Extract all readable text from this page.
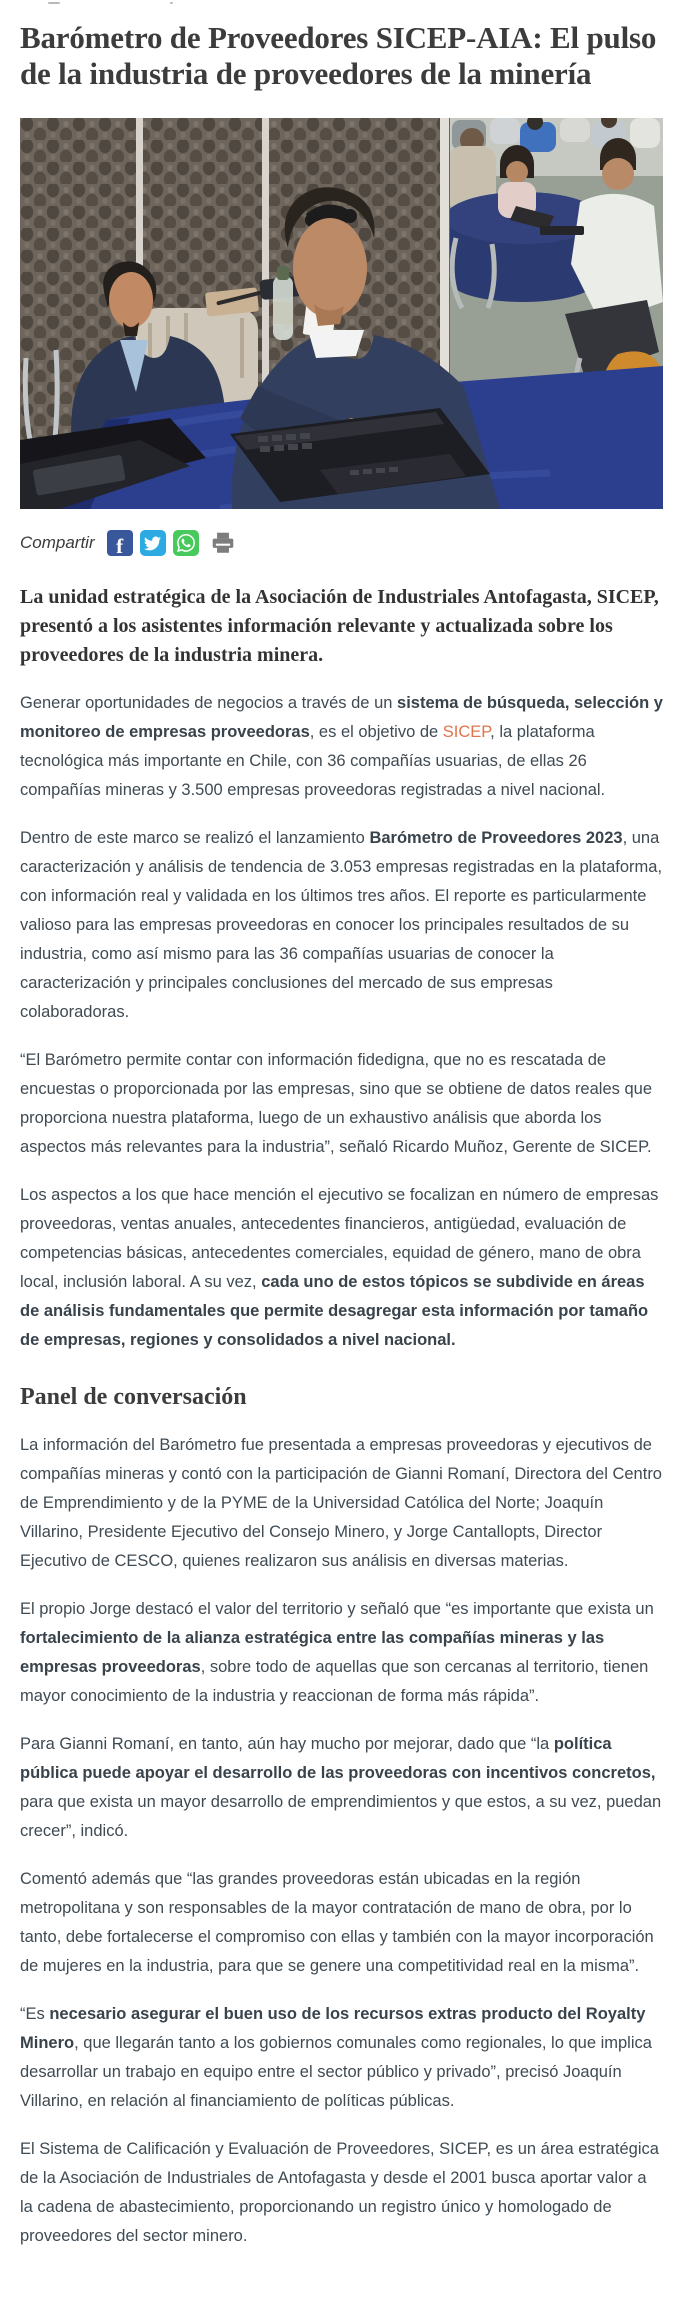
Barómetro de Proveedores SICEP-AIA: El pulso de la industria de proveedores de la minería
Compartir f

La unidad estratégica de la Asociación de Industriales Antofagasta, SICEP, presentó a los asistentes información relevante y actualizada sobre los proveedores de la industria minera.

Generar oportunidades de negocios a través de un sistema de búsqueda, selección y monitoreo de empresas proveedoras, es el objetivo de SICEP, la plataforma tecnológica más importante en Chile, con 36 compañías usuarias, de ellas 26 compañías mineras y 3.500 empresas proveedoras registradas a nivel nacional.

Dentro de este marco se realizó el lanzamiento Barómetro de Proveedores 2023, una caracterización y análisis de tendencia de 3.053 empresas registradas en la plataforma, con información real y validada en los últimos tres años. El reporte es particularmente valioso para las empresas proveedoras en conocer los principales resultados de su industria, como así mismo para las 36 compañías usuarias de conocer la caracterización y principales conclusiones del mercado de sus empresas colaboradoras.

“El Barómetro permite contar con información fidedigna, que no es rescatada de encuestas o proporcionada por las empresas, sino que se obtiene de datos reales que proporciona nuestra plataforma, luego de un exhaustivo análisis que aborda los aspectos más relevantes para la industria”, señaló Ricardo Muñoz, Gerente de SICEP.

Los aspectos a los que hace mención el ejecutivo se focalizan en número de empresas proveedoras, ventas anuales, antecedentes financieros, antigüedad, evaluación de competencias básicas, antecedentes comerciales, equidad de género, mano de obra local, inclusión laboral. A su vez, cada uno de estos tópicos se subdivide en áreas de análisis fundamentales que permite desagregar esta información por tamaño de empresas, regiones y consolidados a nivel nacional.

Panel de conversación

La información del Barómetro fue presentada a empresas proveedoras y ejecutivos de compañías mineras y contó con la participación de Gianni Romaní, Directora del Centro de Emprendimiento y de la PYME de la Universidad Católica del Norte; Joaquín Villarino, Presidente Ejecutivo del Consejo Minero, y Jorge Cantallopts, Director Ejecutivo de CESCO, quienes realizaron sus análisis en diversas materias.

El propio Jorge destacó el valor del territorio y señaló que “es importante que exista un fortalecimiento de la alianza estratégica entre las compañías mineras y las empresas proveedoras, sobre todo de aquellas que son cercanas al territorio, tienen mayor conocimiento de la industria y reaccionan de forma más rápida”.

Para Gianni Romaní, en tanto, aún hay mucho por mejorar, dado que “la política pública puede apoyar el desarrollo de las proveedoras con incentivos concretos, para que exista un mayor desarrollo de emprendimientos y que estos, a su vez, puedan crecer”, indicó.

Comentó además que “las grandes proveedoras están ubicadas en la región metropolitana y son responsables de la mayor contratación de mano de obra, por lo tanto, debe fortalecerse el compromiso con ellas y también con la mayor incorporación de mujeres en la industria, para que se genere una competitividad real en la misma”.

“Es necesario asegurar el buen uso de los recursos extras producto del Royalty Minero, que llegarán tanto a los gobiernos comunales como regionales, lo que implica desarrollar un trabajo en equipo entre el sector público y privado”, precisó Joaquín Villarino, en relación al financiamiento de políticas públicas.

El Sistema de Calificación y Evaluación de Proveedores, SICEP, es un área estratégica de la Asociación de Industriales de Antofagasta y desde el 2001 busca aportar valor a la cadena de abastecimiento, proporcionando un registro único y homologado de proveedores del sector minero.
